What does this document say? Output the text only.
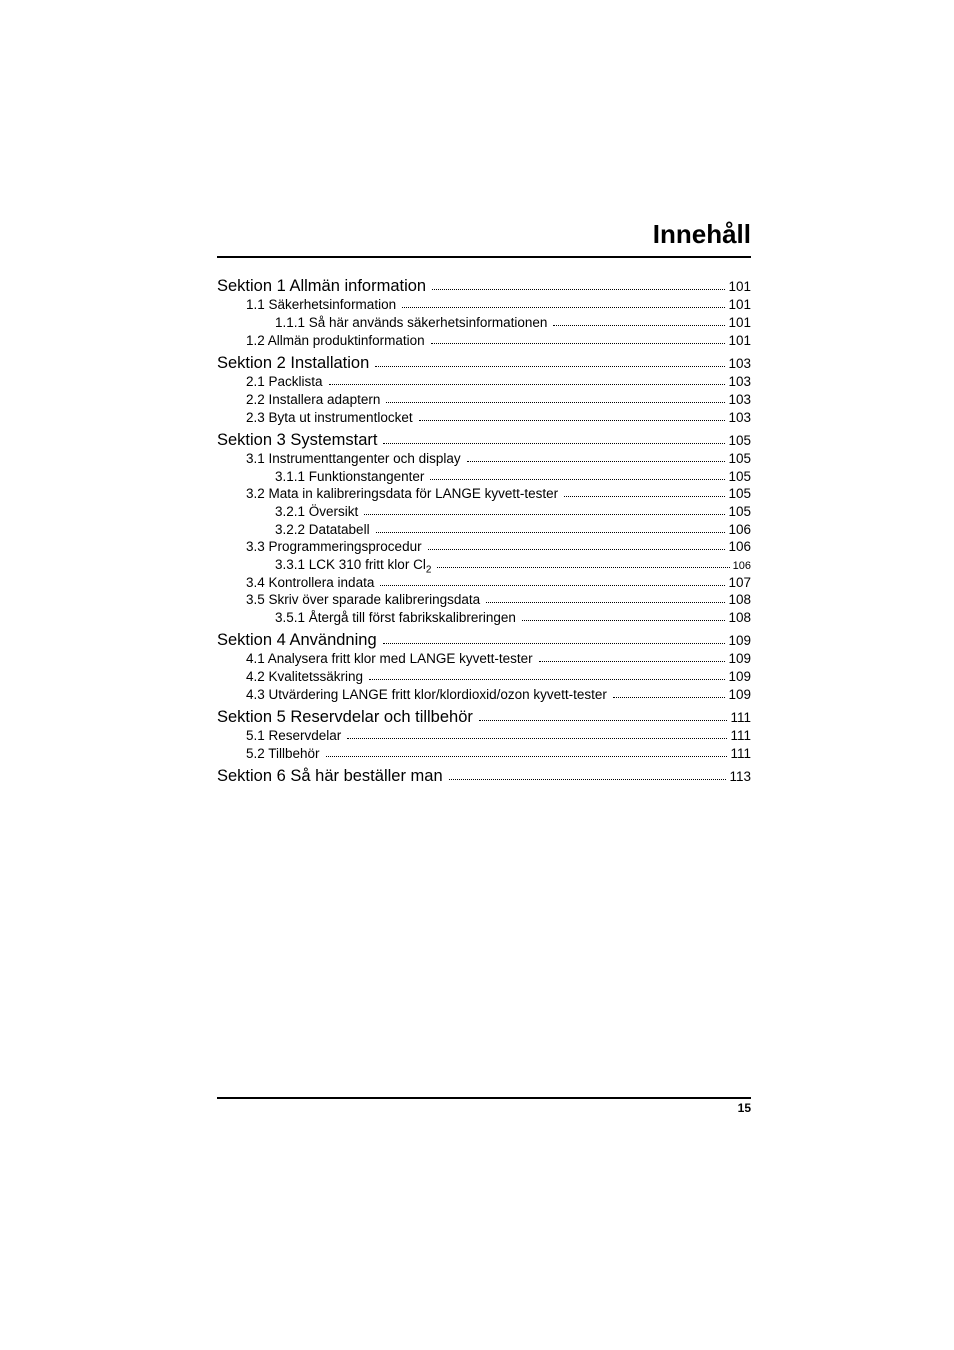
Innehåll
Sektion 1 Allmän information	101
1.1 Säkerhetsinformation	101
1.1.1 Så här används säkerhetsinformationen	101
1.2 Allmän produktinformation	101
Sektion 2 Installation	103
2.1 Packlista	103
2.2 Installera adaptern	103
2.3 Byta ut instrumentlocket	103
Sektion 3 Systemstart	105
3.1 Instrumenttangenter och display	105
3.1.1 Funktionstangenter	105
3.2 Mata in kalibreringsdata för LANGE kyvett-tester	105
3.2.1 Översikt	105
3.2.2 Datatabell	106
3.3 Programmeringsprocedur	106
3.3.1 LCK 310 fritt klor $Cl_2$	106
3.4 Kontrollera indata	107
3.5 Skriv över sparade kalibreringsdata	108
3.5.1 Återgå till först fabrikskalibreringen	108
Sektion 4 Användning	109
4.1 Analysera fritt klor med LANGE kyvett-tester	109
4.2 Kvalitetssäkring	109
4.3 Utvärdering LANGE fritt klor/klordioxid/ozon kyvett-tester	109
Sektion 5 Reservdelar och tillbehör	111
5.1 Reservdelar	111
5.2 Tillbehör	111
Sektion 6 Så här beställer man	113
15
